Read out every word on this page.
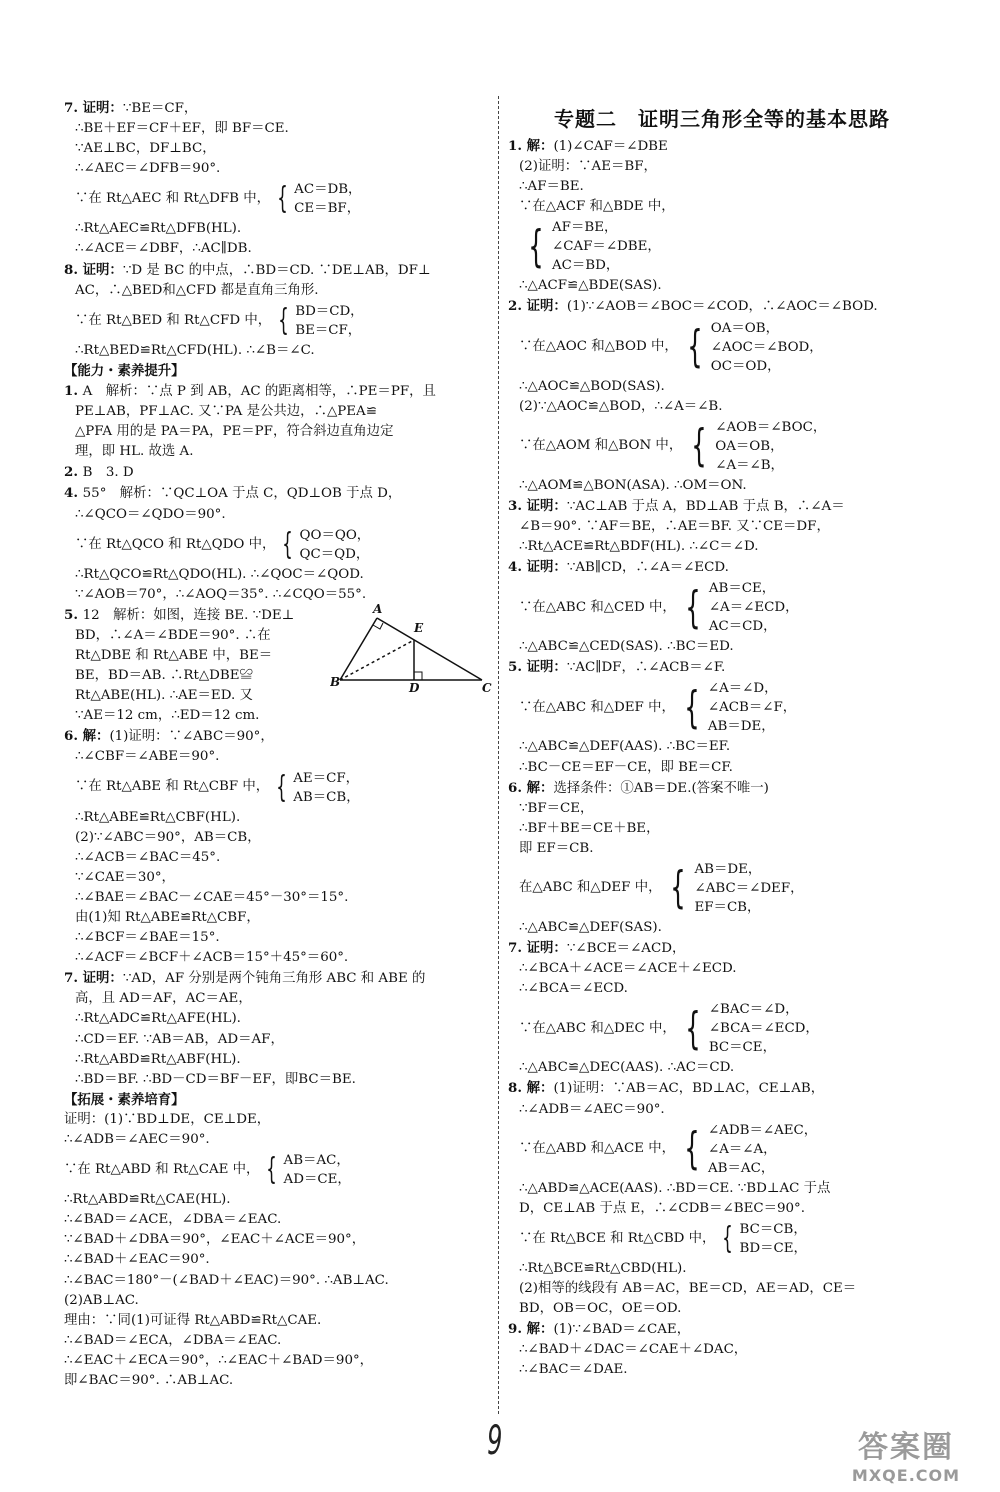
7. 证明：∵BE＝CF，
∴BE＋EF＝CF＋EF，即 BF＝CE.
∵AE⊥BC，DF⊥BC，
∴∠AEC＝∠DFB＝90°.
∵在 Rt△AEC 和 Rt△DFB 中， { AC＝DB，
CE＝BF，
∴Rt△AEC≌Rt△DFB(HL).
∴∠ACE＝∠DBF，∴AC∥DB.
8. 证明：∵D 是 BC 的中点，∴BD＝CD. ∵DE⊥AB，DF⊥
AC，∴△BED和△CFD 都是直角三角形.
∵在 Rt△BED 和 Rt△CFD 中， { BD＝CD，
BE＝CF，
∴Rt△BED≌Rt△CFD(HL). ∴∠B＝∠C.
【能力・素养提升】
1. A　解析：∵点 P 到 AB，AC 的距离相等，∴PE＝PF，且
PE⊥AB，PF⊥AC. 又∵PA 是公共边，∴△PEA≌
△PFA 用的是 PA＝PA，PE＝PF，符合斜边直角边定
理，即 HL. 故选 A.
2. B　3. D
4. 55°　解析：∵QC⊥OA 于点 C，QD⊥OB 于点 D，
∴∠QCO＝∠QDO＝90°.
∵在 Rt△QCO 和 Rt△QDO 中， { QO＝QO，
QC＝QD，
∴Rt△QCO≌Rt△QDO(HL). ∴∠QOC＝∠QOD.
∵∠AOB＝70°，∴∠AOQ＝35°. ∴∠CQO＝55°.
5. 12　解析：如图，连接 BE. ∵DE⊥
BD，∴∠A＝∠BDE＝90°. ∴在
Rt△DBE 和 Rt△ABE 中，BE＝
BE，BD＝AB. ∴Rt△DBE≌
Rt△ABE(HL). ∴AE＝ED. 又
∵AE＝12 cm，∴ED＝12 cm.
6. 解：(1)证明：∵∠ABC＝90°，
∴∠CBF＝∠ABE＝90°.
∵在 Rt△ABE 和 Rt△CBF 中， { AE＝CF，
AB＝CB，
∴Rt△ABE≌Rt△CBF(HL).
(2)∵∠ABC＝90°，AB＝CB，
∴∠ACB＝∠BAC＝45°.
∵∠CAE＝30°，
∴∠BAE＝∠BAC－∠CAE＝45°－30°＝15°.
由(1)知 Rt△ABE≌Rt△CBF，
∴∠BCF＝∠BAE＝15°.
∴∠ACF＝∠BCF＋∠ACB＝15°＋45°＝60°.
7. 证明：∵AD，AF 分别是两个钝角三角形 ABC 和 ABE 的
高，且 AD＝AF，AC＝AE，
∴Rt△ADC≌Rt△AFE(HL).
∴CD＝EF. ∵AB＝AB，AD＝AF，
∴Rt△ABD≌Rt△ABF(HL).
∴BD＝BF. ∴BD－CD＝BF－EF，即BC＝BE.
【拓展・素养培育】
证明：(1)∵BD⊥DE，CE⊥DE，
∴∠ADB＝∠AEC＝90°.
∵在 Rt△ABD 和 Rt△CAE 中， { AB＝AC，
AD＝CE，
∴Rt△ABD≌Rt△CAE(HL).
∴∠BAD＝∠ACE，∠DBA＝∠EAC.
∵∠BAD＋∠DBA＝90°，∠EAC＋∠ACE＝90°，
∴∠BAD＋∠EAC＝90°.
∴∠BAC＝180°－(∠BAD＋∠EAC)＝90°. ∴AB⊥AC.
(2)AB⊥AC.
理由：∵同(1)可证得 Rt△ABD≌Rt△CAE.
∴∠BAD＝∠ECA，∠DBA＝∠EAC.
∴∠EAC＋∠ECA＝90°，∴∠EAC＋∠BAD＝90°，
即∠BAC＝90°. ∴AB⊥AC.
专题二　证明三角形全等的基本思路
1. 解：(1)∠CAF＝∠DBE
(2)证明：∵AE＝BF，
∴AF＝BE.
∵在△ACF 和△BDE 中，
{ AF＝BE，
∠CAF＝∠DBE，
AC＝BD，
∴△ACF≌△BDE(SAS).
2. 证明：(1)∵∠AOB＝∠BOC＝∠COD，∴∠AOC＝∠BOD.
∵在△AOC 和△BOD 中， { OA＝OB，
∠AOC＝∠BOD，
OC＝OD，
∴△AOC≌△BOD(SAS).
(2)∵△AOC≌△BOD，∴∠A＝∠B.
∵在△AOM 和△BON 中， { ∠AOB＝∠BOC，
OA＝OB，
∠A＝∠B，
∴△AOM≌△BON(ASA). ∴OM＝ON.
3. 证明：∵AC⊥AB 于点 A，BD⊥AB 于点 B，∴∠A＝
∠B＝90°. ∵AF＝BE，∴AE＝BF. 又∵CE＝DF，
∴Rt△ACE≌Rt△BDF(HL). ∴∠C＝∠D.
4. 证明：∵AB∥CD，∴∠A＝∠ECD.
∵在△ABC 和△CED 中， { AB＝CE，
∠A＝∠ECD，
AC＝CD，
∴△ABC≌△CED(SAS). ∴BC＝ED.
5. 证明：∵AC∥DF，∴∠ACB＝∠F.
∵在△ABC 和△DEF 中， { ∠A＝∠D，
∠ACB＝∠F，
AB＝DE，
∴△ABC≌△DEF(AAS). ∴BC＝EF.
∴BC－CE＝EF－CE，即 BE＝CF.
6. 解：选择条件：①AB＝DE.(答案不唯一)
∵BF＝CE，
∴BF＋BE＝CE＋BE，
即 EF＝CB.
在△ABC 和△DEF 中， { AB＝DE，
∠ABC＝∠DEF，
EF＝CB，
∴△ABC≌△DEF(SAS).
7. 证明：∵∠BCE＝∠ACD，
∴∠BCA＋∠ACE＝∠ACE＋∠ECD.
∴∠BCA＝∠ECD.
∵在△ABC 和△DEC 中， { ∠BAC＝∠D，
∠BCA＝∠ECD，
BC＝CE，
∴△ABC≌△DEC(AAS). ∴AC＝CD.
8. 解：(1)证明：∵AB＝AC，BD⊥AC，CE⊥AB，
∴∠ADB＝∠AEC＝90°.
∵在△ABD 和△ACE 中， { ∠ADB＝∠AEC，
∠A＝∠A，
AB＝AC，
∴△ABD≌△ACE(AAS). ∴BD＝CE. ∵BD⊥AC 于点
D，CE⊥AB 于点 E，∴∠CDB＝∠BEC＝90°.
∵在 Rt△BCE 和 Rt△CBD 中， { BC＝CB，
BD＝CE，
∴Rt△BCE≌Rt△CBD(HL).
(2)相等的线段有 AB＝AC，BE＝CD，AE＝AD，CE＝
BD，OB＝OC，OE＝OD.
9. 解：(1)∵∠BAD＝∠CAE，
∴∠BAD＋∠DAC＝∠CAE＋∠DAC，
∴∠BAC＝∠DAE.
A
B	C
D
E
9	答案圈
MXQE.COM
